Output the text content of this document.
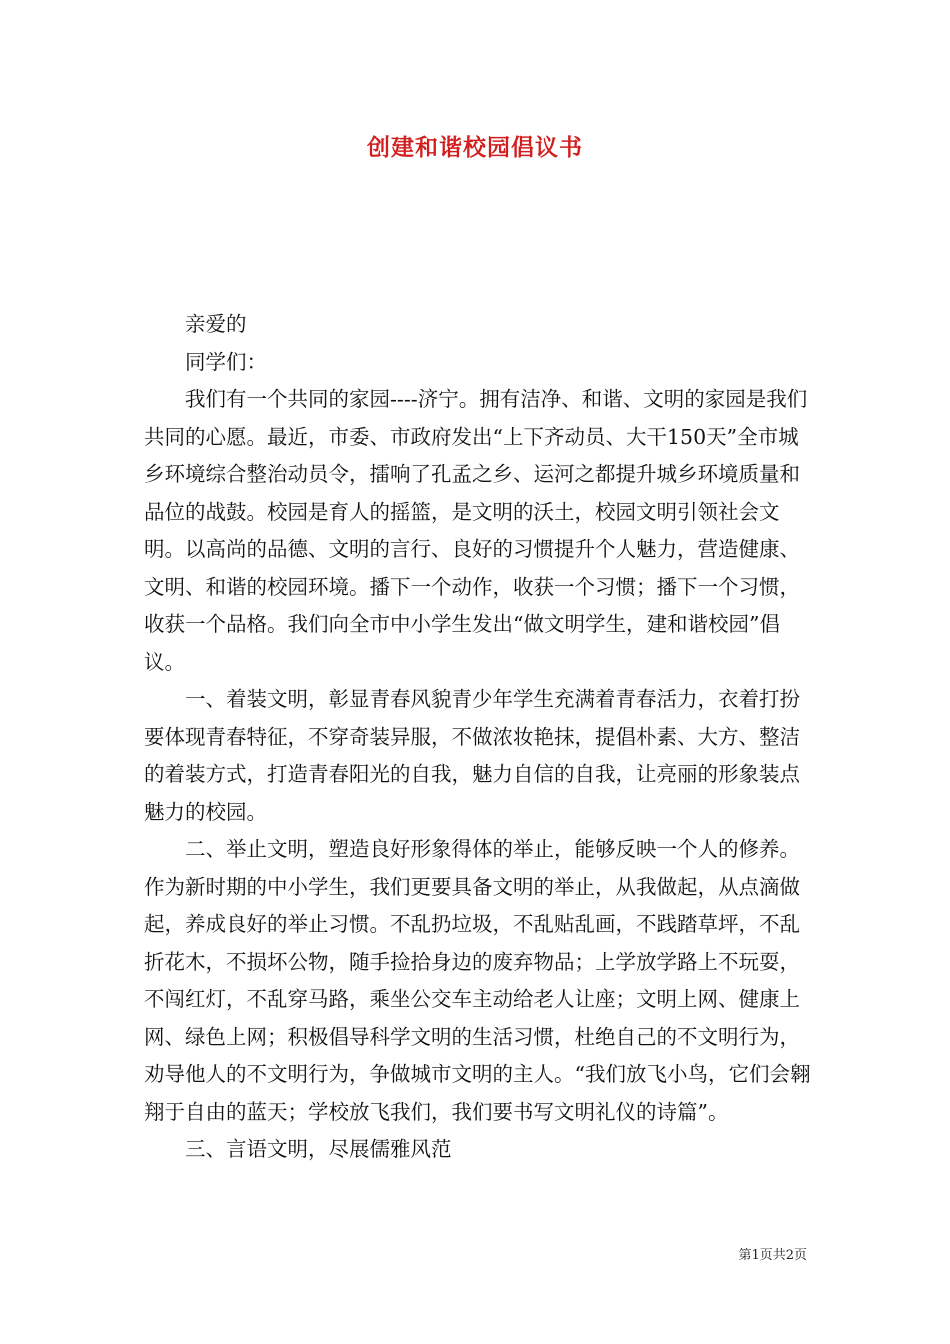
创建和谐校园倡议书

亲爱的

同学们：

我们有一个共同的家园----济宁。拥有洁净、和谐、文明的家园是我们共同的心愿。最近，市委、市政府发出“上下齐动员、大干150天”全市城乡环境综合整治动员令，擂响了孔孟之乡、运河之都提升城乡环境质量和品位的战鼓。校园是育人的摇篮，是文明的沃土，校园文明引领社会文明。以高尚的品德、文明的言行、良好的习惯提升个人魅力，营造健康、文明、和谐的校园环境。播下一个动作，收获一个习惯；播下一个习惯，收获一个品格。我们向全市中小学生发出“做文明学生，建和谐校园”倡议。

一、着装文明，彰显青春风貌青少年学生充满着青春活力，衣着打扮要体现青春特征，不穿奇装异服，不做浓妆艳抹，提倡朴素、大方、整洁的着装方式，打造青春阳光的自我，魅力自信的自我，让亮丽的形象装点魅力的校园。

二、举止文明，塑造良好形象得体的举止，能够反映一个人的修养。作为新时期的中小学生，我们更要具备文明的举止，从我做起，从点滴做起，养成良好的举止习惯。不乱扔垃圾，不乱贴乱画，不践踏草坪，不乱折花木，不损坏公物，随手捡拾身边的废弃物品；上学放学路上不玩耍，不闯红灯，不乱穿马路，乘坐公交车主动给老人让座；文明上网、健康上网、绿色上网；积极倡导科学文明的生活习惯，杜绝自己的不文明行为，劝导他人的不文明行为，争做城市文明的主人。“我们放飞小鸟，它们会翱翔于自由的蓝天；学校放飞我们，我们要书写文明礼仪的诗篇”。

三、言语文明，尽展儒雅风范

第1页共2页
